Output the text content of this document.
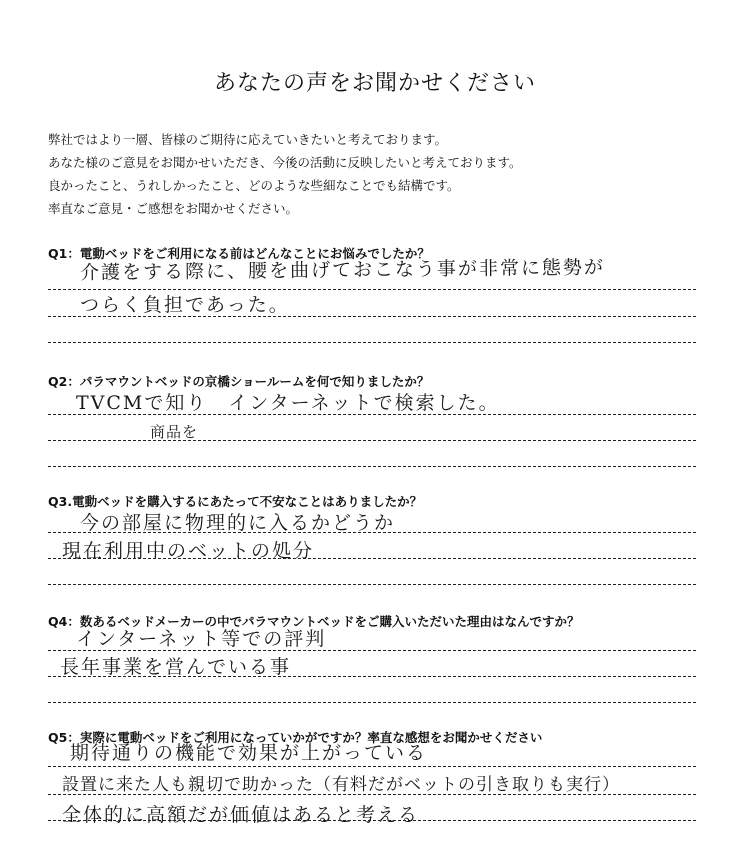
あなたの声をお聞かせください
弊社ではより一層、皆様のご期待に応えていきたいと考えております。
あなた様のご意見をお聞かせいただき、今後の活動に反映したいと考えております。
良かったこと、うれしかったこと、どのような些細なことでも結構です。
率直なご意見・ご感想をお聞かせください。
Q1：電動ベッドをご利用になる前はどんなことにお悩みでしたか？
介護をする際に、腰を曲げておこなう事が非常に態勢が
つらく負担であった。
Q2：パラマウントベッドの京橋ショールームを何で知りましたか？
TVCMで知り　インターネットで検索した。
商品を
Q3.電動ベッドを購入するにあたって不安なことはありましたか？
今の部屋に物理的に入るかどうか
現在利用中のベットの処分
Q4：数あるベッドメーカーの中でパラマウントベッドをご購入いただいた理由はなんですか？
インターネット等での評判
長年事業を営んでいる事
Q5：実際に電動ベッドをご利用になっていかがですか？率直な感想をお聞かせください
期待通りの機能で効果が上がっている
設置に来た人も親切で助かった（有料だがベットの引き取りも実行）
全体的に高額だが価値はあると考える
